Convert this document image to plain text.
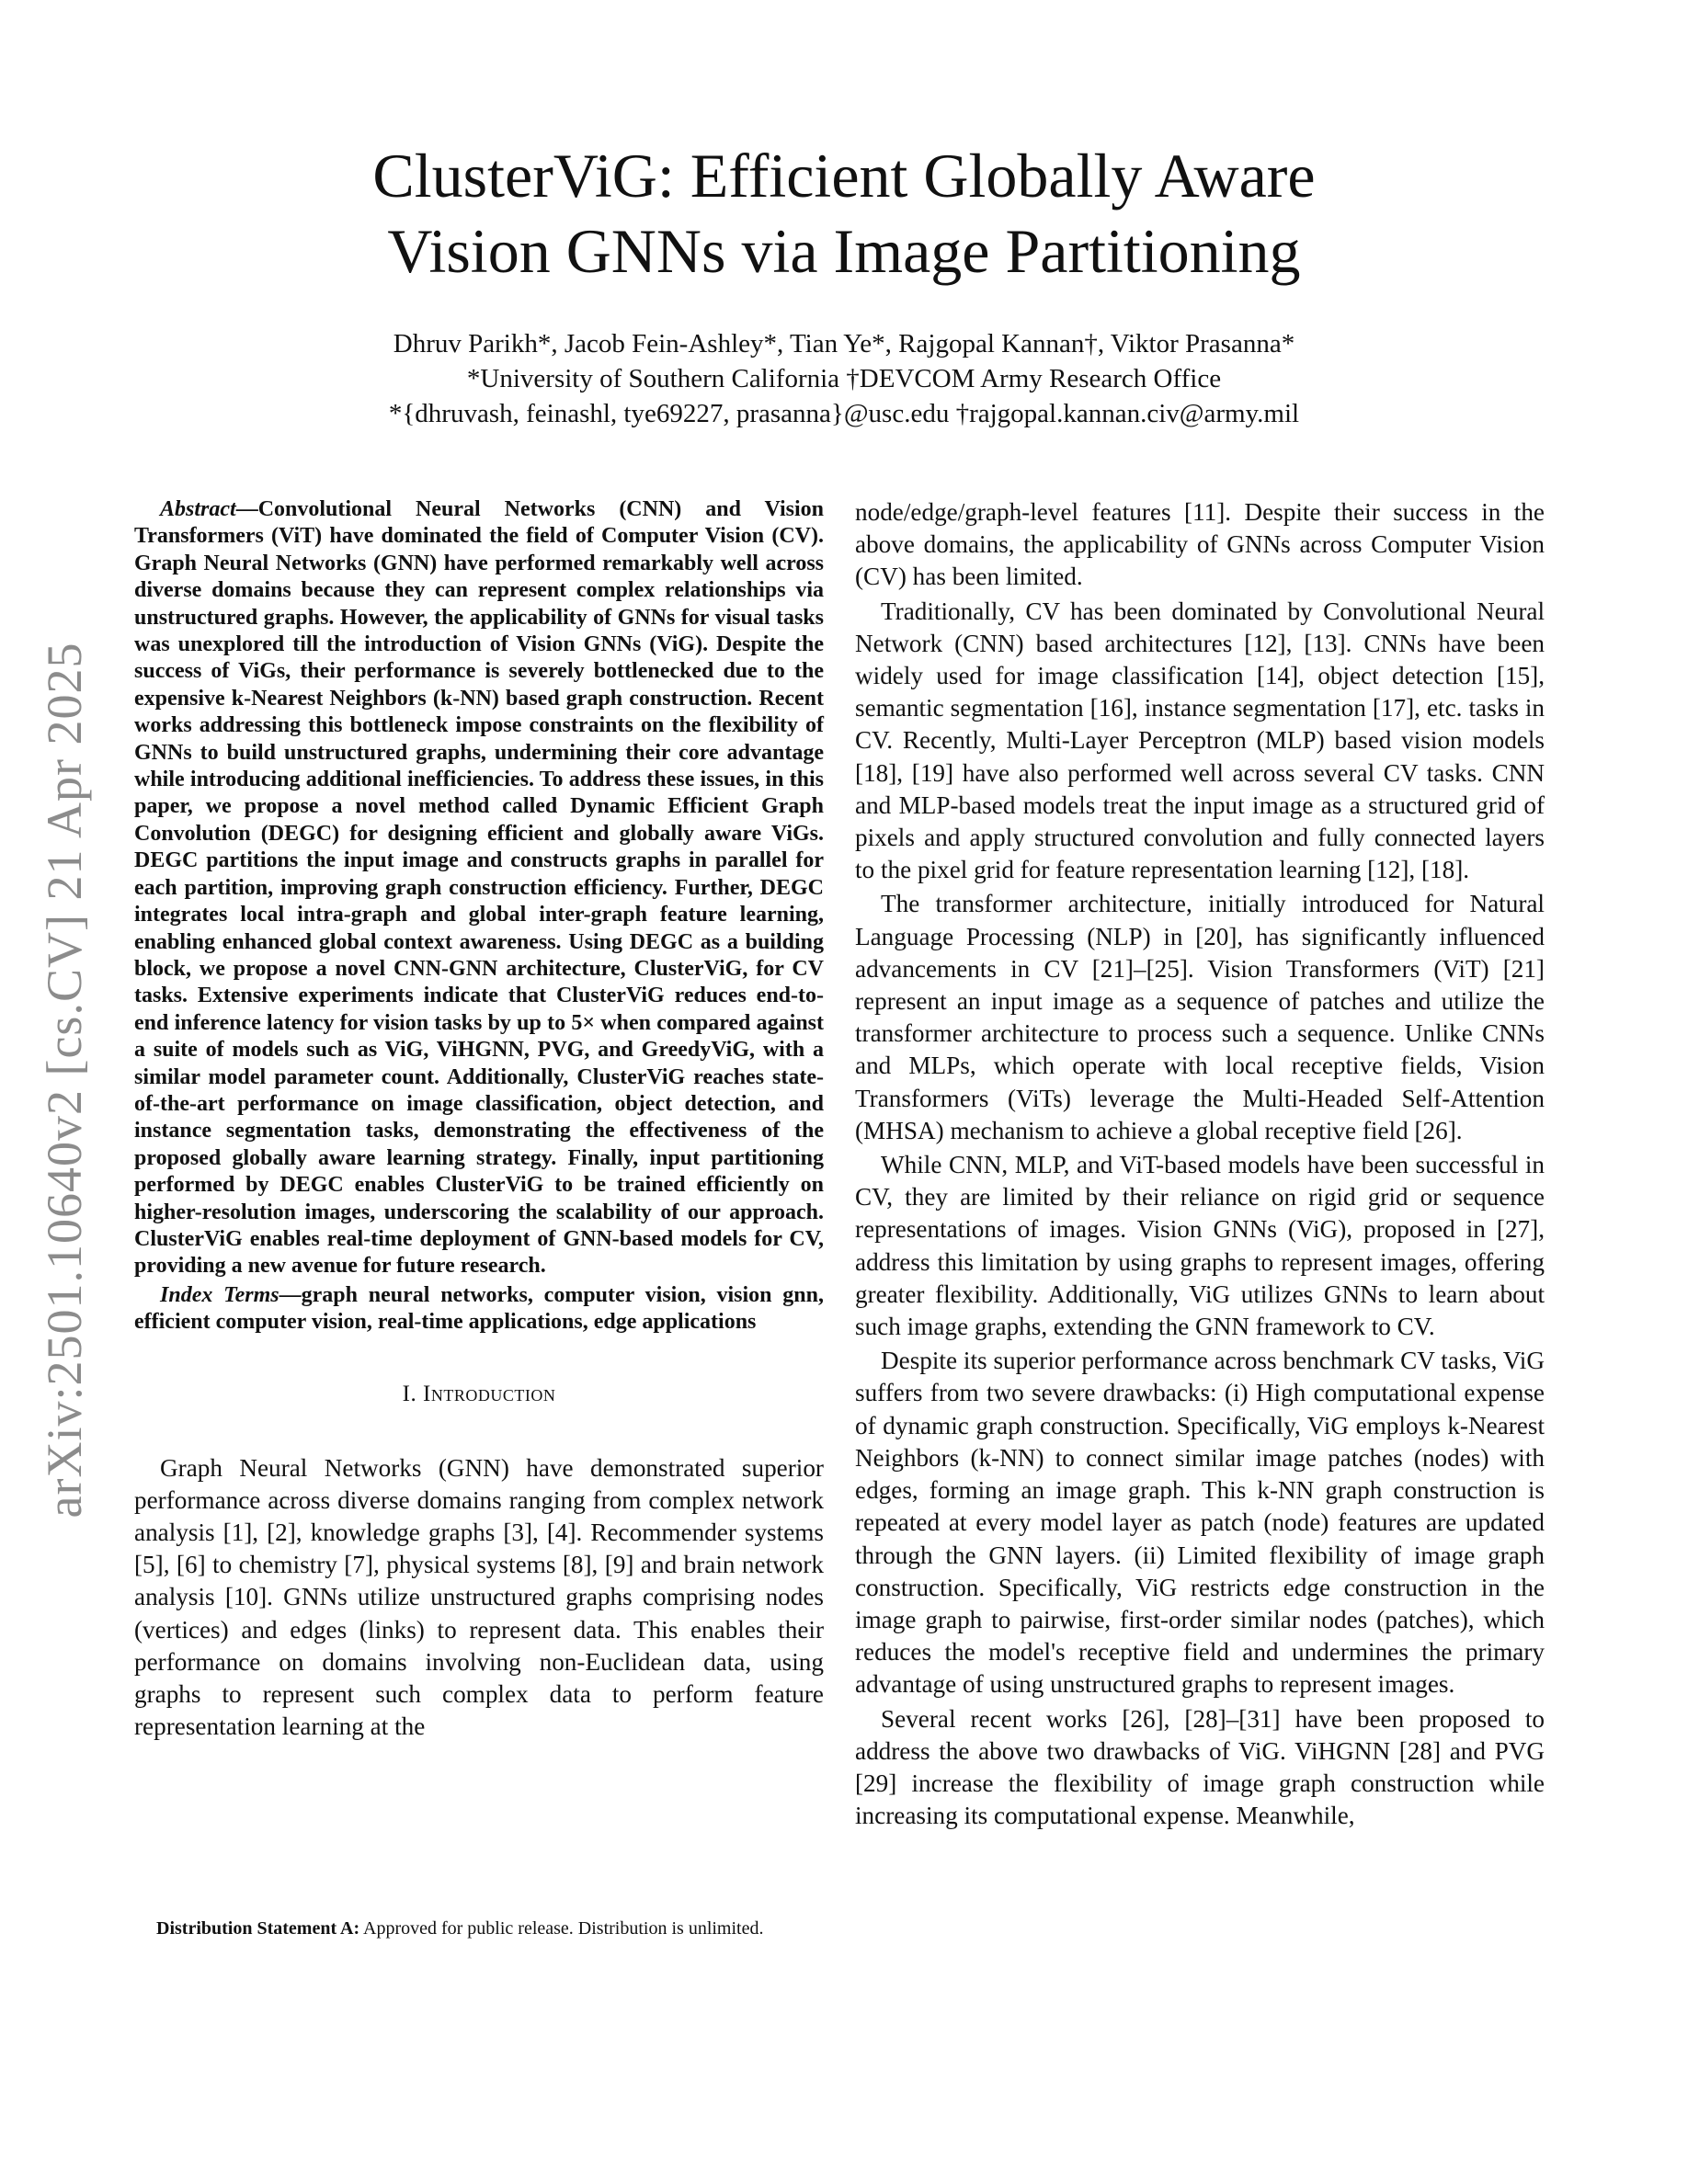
arXiv:2501.10640v2 [cs.CV] 21 Apr 2025
ClusterViG: Efficient Globally Aware
Vision GNNs via Image Partitioning
Dhruv Parikh*, Jacob Fein-Ashley*, Tian Ye*, Rajgopal Kannan†, Viktor Prasanna*
*University of Southern California †DEVCOM Army Research Office
*{dhruvash, feinashl, tye69227, prasanna}@usc.edu †rajgopal.kannan.civ@army.mil

Abstract—Convolutional Neural Networks (CNN) and Vision Transformers (ViT) have dominated the field of Computer Vision (CV). Graph Neural Networks (GNN) have performed remarkably well across diverse domains because they can represent complex relationships via unstructured graphs. However, the applicability of GNNs for visual tasks was unexplored till the introduction of Vision GNNs (ViG). Despite the success of ViGs, their performance is severely bottlenecked due to the expensive k-Nearest Neighbors (k-NN) based graph construction. Recent works addressing this bottleneck impose constraints on the flexibility of GNNs to build unstructured graphs, undermining their core advantage while introducing additional inefficiencies. To address these issues, in this paper, we propose a novel method called Dynamic Efficient Graph Convolution (DEGC) for designing efficient and globally aware ViGs. DEGC partitions the input image and constructs graphs in parallel for each partition, improving graph construction efficiency. Further, DEGC integrates local intra-graph and global inter-graph feature learning, enabling enhanced global context awareness. Using DEGC as a building block, we propose a novel CNN-GNN architecture, ClusterViG, for CV tasks. Extensive experiments indicate that ClusterViG reduces end-to-end inference latency for vision tasks by up to 5× when compared against a suite of models such as ViG, ViHGNN, PVG, and GreedyViG, with a similar model parameter count. Additionally, ClusterViG reaches state-of-the-art performance on image classification, object detection, and instance segmentation tasks, demonstrating the effectiveness of the proposed globally aware learning strategy. Finally, input partitioning performed by DEGC enables ClusterViG to be trained efficiently on higher-resolution images, underscoring the scalability of our approach. ClusterViG enables real-time deployment of GNN-based models for CV, providing a new avenue for future research.

Index Terms—graph neural networks, computer vision, vision gnn, efficient computer vision, real-time applications, edge applications

I. Introduction

Graph Neural Networks (GNN) have demonstrated superior performance across diverse domains ranging from complex network analysis [1], [2], knowledge graphs [3], [4]. Recommender systems [5], [6] to chemistry [7], physical systems [8], [9] and brain network analysis [10]. GNNs utilize unstructured graphs comprising nodes (vertices) and edges (links) to represent data. This enables their performance on domains involving non-Euclidean data, using graphs to represent such complex data to perform feature representation learning at the

Distribution Statement A: Approved for public release. Distribution is unlimited.

node/edge/graph-level features [11]. Despite their success in the above domains, the applicability of GNNs across Computer Vision (CV) has been limited.

Traditionally, CV has been dominated by Convolutional Neural Network (CNN) based architectures [12], [13]. CNNs have been widely used for image classification [14], object detection [15], semantic segmentation [16], instance segmentation [17], etc. tasks in CV. Recently, Multi-Layer Perceptron (MLP) based vision models [18], [19] have also performed well across several CV tasks. CNN and MLP-based models treat the input image as a structured grid of pixels and apply structured convolution and fully connected layers to the pixel grid for feature representation learning [12], [18].

The transformer architecture, initially introduced for Natural Language Processing (NLP) in [20], has significantly influenced advancements in CV [21]–[25]. Vision Transformers (ViT) [21] represent an input image as a sequence of patches and utilize the transformer architecture to process such a sequence. Unlike CNNs and MLPs, which operate with local receptive fields, Vision Transformers (ViTs) leverage the Multi-Headed Self-Attention (MHSA) mechanism to achieve a global receptive field [26].

While CNN, MLP, and ViT-based models have been successful in CV, they are limited by their reliance on rigid grid or sequence representations of images. Vision GNNs (ViG), proposed in [27], address this limitation by using graphs to represent images, offering greater flexibility. Additionally, ViG utilizes GNNs to learn about such image graphs, extending the GNN framework to CV.

Despite its superior performance across benchmark CV tasks, ViG suffers from two severe drawbacks: (i) High computational expense of dynamic graph construction. Specifically, ViG employs k-Nearest Neighbors (k-NN) to connect similar image patches (nodes) with edges, forming an image graph. This k-NN graph construction is repeated at every model layer as patch (node) features are updated through the GNN layers. (ii) Limited flexibility of image graph construction. Specifically, ViG restricts edge construction in the image graph to pairwise, first-order similar nodes (patches), which reduces the model's receptive field and undermines the primary advantage of using unstructured graphs to represent images.

Several recent works [26], [28]–[31] have been proposed to address the above two drawbacks of ViG. ViHGNN [28] and PVG [29] increase the flexibility of image graph construction while increasing its computational expense. Meanwhile,
